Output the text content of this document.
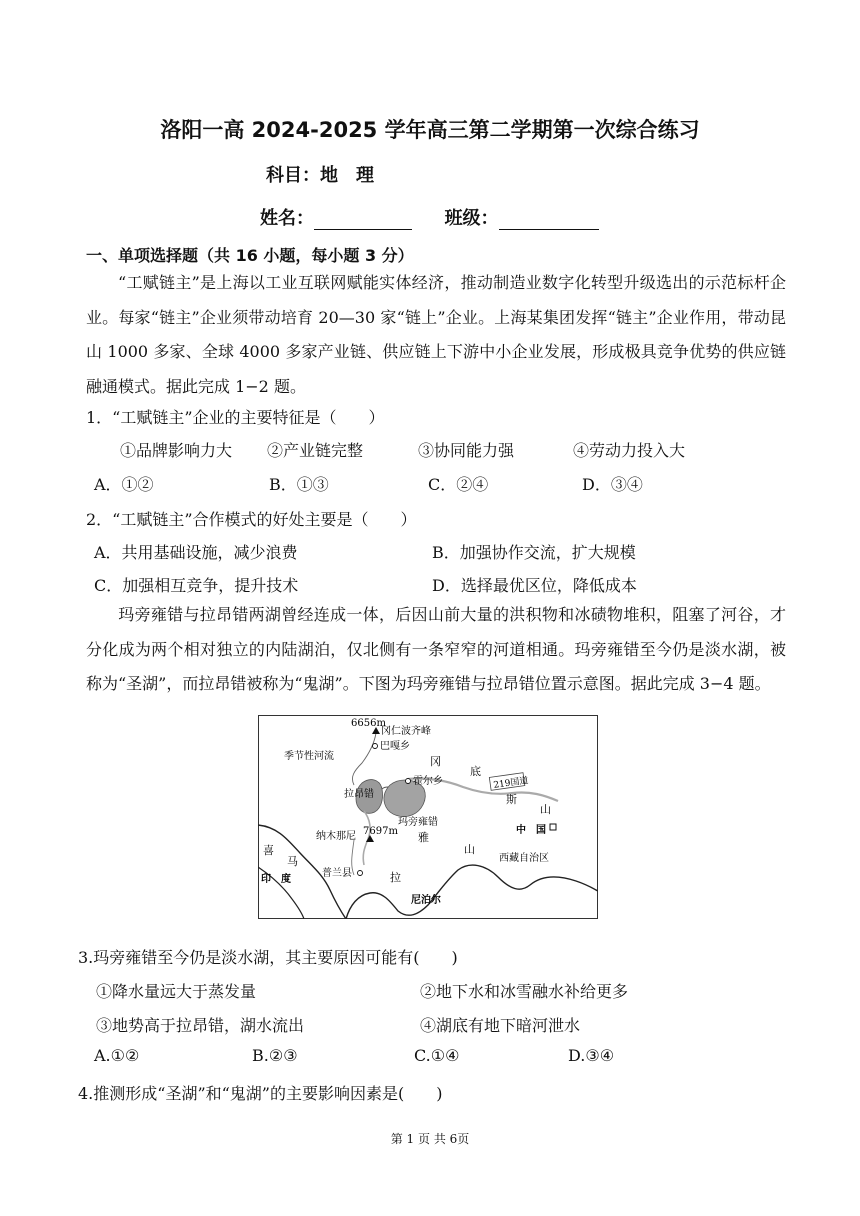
洛阳一高 2024-2025 学年高三第二学期第一次综合练习
科目：地　理
姓名：	班级：
一、单项选择题（共 16 小题，每小题 3 分）
“工赋链主”是上海以工业互联网赋能实体经济，推动制造业数字化转型升级选出的示范标杆企业。每家“链主”企业须带动培育 20—30 家“链上”企业。上海某集团发挥“链主”企业作用，带动昆山 1000 多家、全球 4000 多家产业链、供应链上下游中小企业发展，形成极具竞争优势的供应链融通模式。据此完成 1−2 题。
1．“工赋链主”企业的主要特征是（　　）
①品牌影响力大 ②产业链完整	③协同能力强	④劳动力投入大
A．①②	B．①③	C．②④	D．③④
2．“工赋链主”合作模式的好处主要是（　　）
A．共用基础设施，减少浪费	B．加强协作交流，扩大规模
C．加强相互竞争，提升技术	D．选择最优区位，降低成本
玛旁雍错与拉昂错两湖曾经连成一体，后因山前大量的洪积物和冰碛物堆积，阻塞了河谷，才分化成为两个相对独立的内陆湖泊，仅北侧有一条窄窄的河道相通。玛旁雍错至今仍是淡水湖，被称为“圣湖”，而拉昂错被称为“鬼湖”。下图为玛旁雍错与拉昂错位置示意图。据此完成 3−4 题。
6656m
冈仁波齐峰
巴嘎乡
季节性河流	冈
底
斯
山
霍尔乡	219国道
拉昂错
玛旁雍错
7697m
纳木那尼
中　国
喜
马
雅
山
西藏自治区
印　度
普兰县	拉
尼泊尔
3.玛旁雍错至今仍是淡水湖，其主要原因可能有(　　)
①降水量远大于蒸发量	②地下水和冰雪融水补给更多
③地势高于拉昂错，湖水流出	④湖底有地下暗河泄水
A.①②	B.②③	C.①④	D.③④
4.推测形成“圣湖”和“鬼湖”的主要影响因素是(　　)
第 1 页 共 6页
